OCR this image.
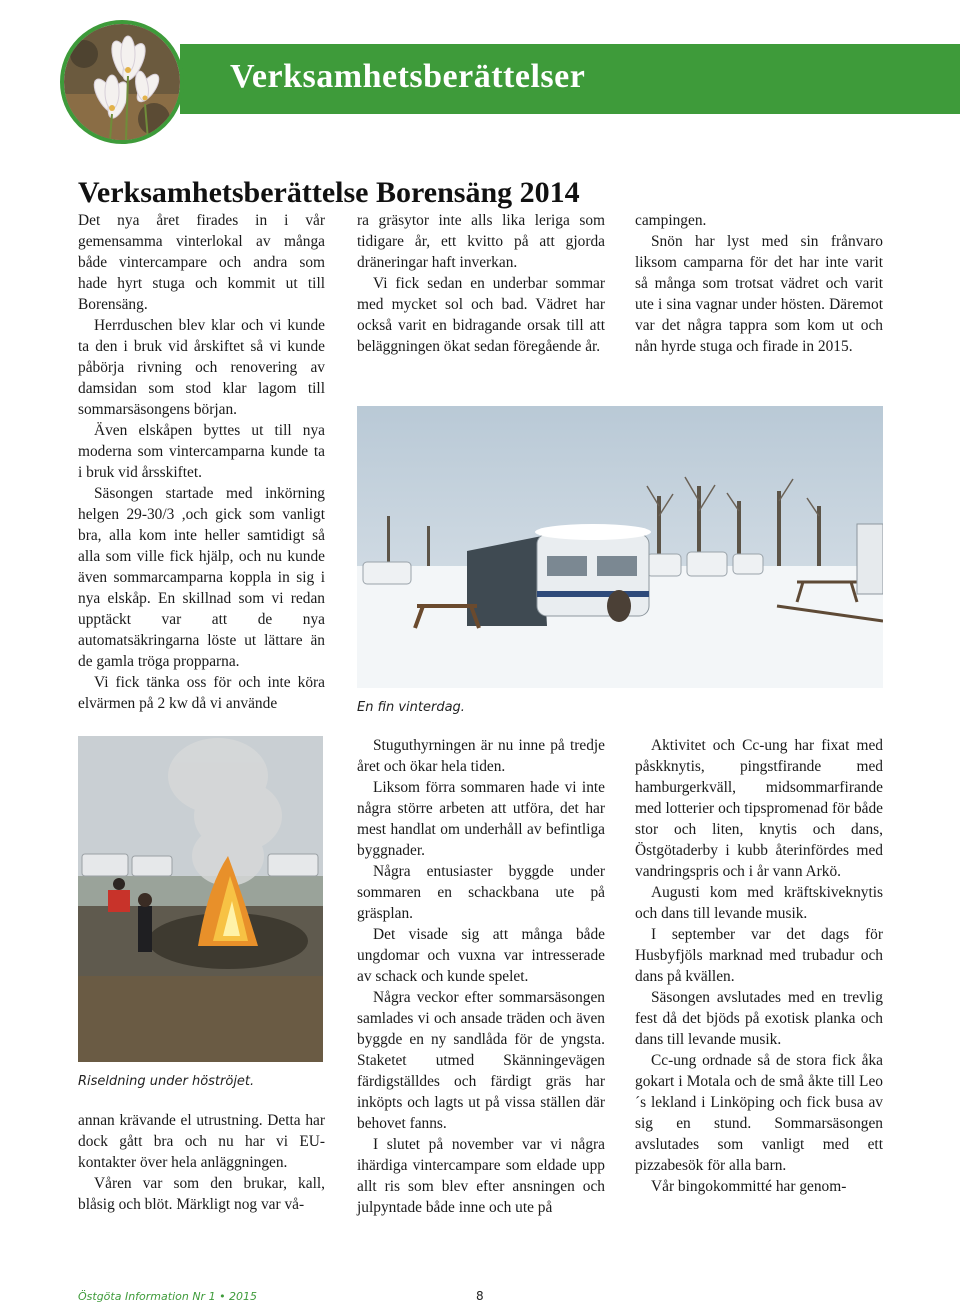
Verksamhetsberättelser
Verksamhetsberättelse Borensäng 2014

Det nya året firades in i vår gemensamma vinterlokal av många både vintercampare och andra som hade hyrt stuga och kommit ut till Borensäng.

Herrduschen blev klar och vi kunde ta den i bruk vid årskiftet så vi kunde påbörja rivning och renovering av damsidan som stod klar lagom till sommarsäsongens början.

Även elskåpen byttes ut till nya moderna som vintercamparna kunde ta i bruk vid årsskiftet.

Säsongen startade med inkörning helgen 29-30/3 ,och gick som vanligt bra, alla kom inte heller samtidigt så alla som ville fick hjälp, och nu kunde även sommarcamparna koppla in sig i nya elskåp. En skillnad som vi redan upptäckt var att de nya automatsäkringarna löste ut lättare än de gamla tröga propparna.

Vi fick tänka oss för och inte köra elvärmen på 2 kw då vi använde

ra gräsytor inte alls lika leriga som tidigare år, ett kvitto på att gjorda dräneringar haft inverkan.

Vi fick sedan en underbar sommar med mycket sol och bad. Vädret har också varit en bidragande orsak till att beläggningen ökat sedan föregående år.

campingen.

Snön har lyst med sin frånvaro liksom camparna för det har inte varit så många som trotsat vädret och varit ute i sina vagnar under hösten. Däremot var det några tappra som kom ut och nån hyrde stuga och firade in 2015.

En fin vinterdag.
Riseldning under höströjet.

annan krävande el utrustning. Detta har dock gått bra och nu har vi EU-kontakter över hela anläggningen.

Våren var som den brukar, kall, blåsig och blöt. Märkligt nog var vå-

Stuguthyrningen är nu inne på tredje året och ökar hela tiden.

Liksom förra sommaren hade vi inte några större arbeten att utföra, det har mest handlat om underhåll av befintliga byggnader.

Några entusiaster byggde under sommaren en schackbana ute på gräsplan.

Det visade sig att många både ungdomar och vuxna var intresserade av schack och kunde spelet.

Några veckor efter sommarsäsongen samlades vi och ansade träden och även byggde en ny sandlåda för de yngsta. Staketet utmed Skänningevägen färdigställdes och färdigt gräs har inköpts och lagts ut på vissa ställen där behovet fanns.

I slutet på november var vi några ihärdiga vintercampare som eldade upp allt ris som blev efter ansningen och julpyntade både inne och ute på

Aktivitet och Cc-ung har fixat med påskknytis, pingstfirande med hamburgerkväll, midsommarfirande med lotterier och tipspromenad för både stor och liten, knytis och dans, Östgötaderby i kubb återinfördes med vandringspris och i år vann Arkö.

Augusti kom med kräftskiveknytis och dans till levande musik.

I september var det dags för Husbyfjöls marknad med trubadur och dans på kvällen.

Säsongen avslutades med en trevlig fest då det bjöds på exotisk planka och dans till levande musik.

Cc-ung ordnade så de stora fick åka gokart i Motala och de små åkte till Leo´s lekland i Linköping och fick busa av sig en stund. Sommarsäsongen avslutades som vanligt med ett pizzabesök för alla barn.

Vår bingokommitté har genom-

Östgöta Information Nr 1 • 2015	8
